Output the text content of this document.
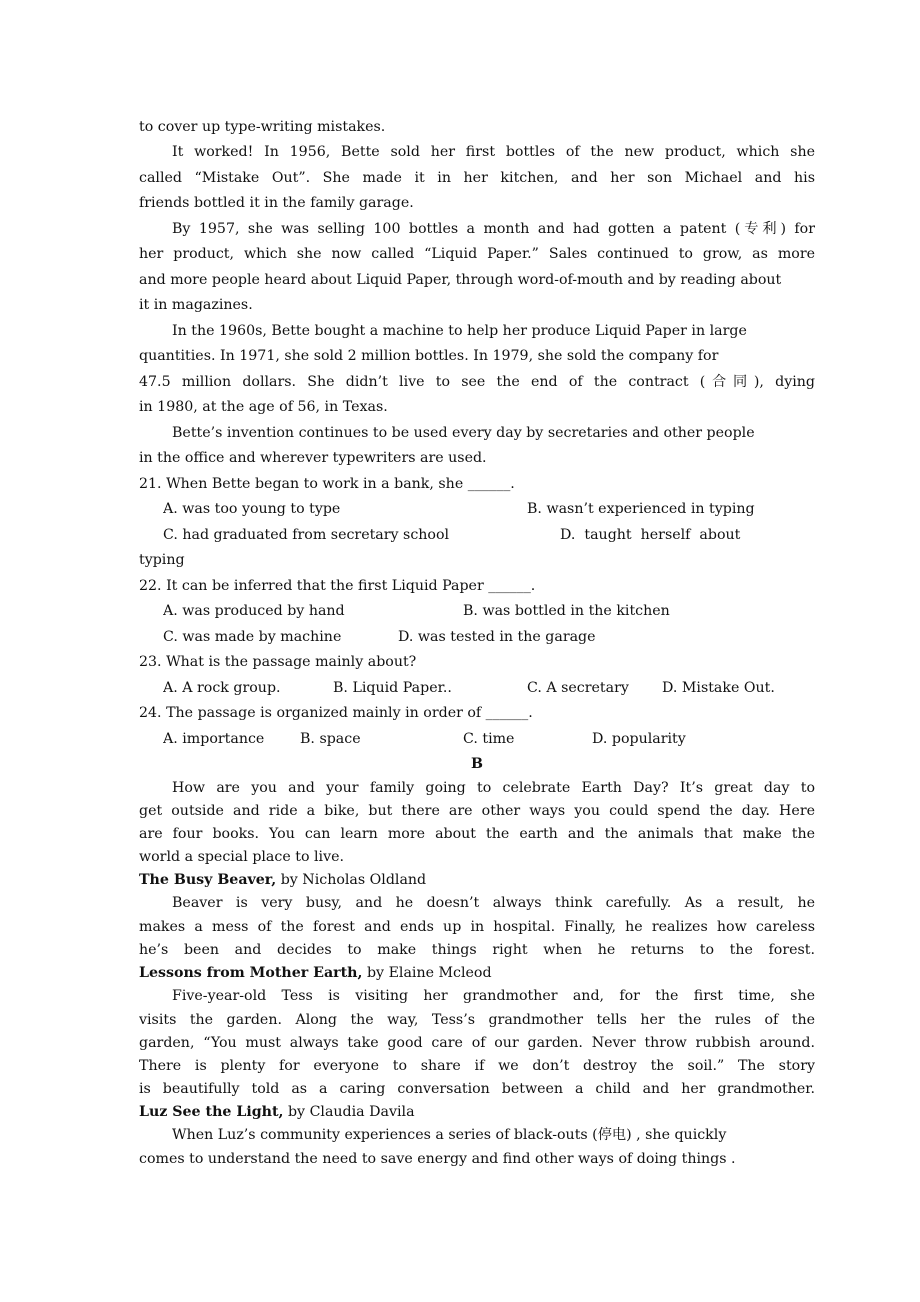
to cover up type-writing mistakes.
It worked! In 1956, Bette sold her first bottles of the new product, which she
called “Mistake Out”. She made it in her kitchen, and her son Michael and his
friends bottled it in the family garage.
By 1957, she was selling 100 bottles a month and had gotten a patent (专利) for
her product, which she now called “Liquid Paper.” Sales continued to grow, as more
and more people heard about Liquid Paper, through word-of-mouth and by reading about
it in magazines.
In the 1960s, Bette bought a machine to help her produce Liquid Paper in large
quantities. In 1971, she sold 2 million bottles. In 1979, she sold the company for
47.5 million dollars. She didn’t live to see the end of the contract (合同), dying
in 1980, at the age of 56, in Texas.
Bette’s invention continues to be used every day by secretaries and other people
in the office and wherever typewriters are used.
21. When Bette began to work in a bank, she ______.
A. was too young to type	B. wasn’t experienced in typing
C. had graduated from secretary school	D.  taught  herself  about
typing
22. It can be inferred that the first Liquid Paper ______.
A. was produced by hand	B. was bottled in the kitchen
C. was made by machine	D. was tested in the garage
23. What is the passage mainly about?
A. A rock group.	B. Liquid Paper..	C. A secretary	D. Mistake Out.
24. The passage is organized mainly in order of ______.
A. importance	B. space	C. time	D. popularity
B
How are you and your family going to celebrate Earth Day? It’s great day to
get outside and ride a bike, but there are other ways you could spend the day. Here
are four books. You can learn more about the earth and the animals that make the
world a special place to live.
The Busy Beaver, by Nicholas Oldland
Beaver is very busy, and he doesn’t always think carefully. As a result, he
makes a mess of the forest and ends up in hospital. Finally, he realizes how careless
he’s been and decides to make things right when he returns to the forest.
Lessons from Mother Earth, by Elaine Mcleod
Five-year-old Tess is visiting her grandmother and, for the first time, she
visits the garden. Along the way, Tess’s grandmother tells her the rules of the
garden, “You must always take good care of our garden. Never throw rubbish around.
There is plenty for everyone to share if we don’t destroy the soil.” The story
is beautifully told as a caring conversation between a child and her grandmother.
Luz See the Light, by Claudia Davila
When Luz’s community experiences a series of black-outs (停电) , she quickly
comes to understand the need to save energy and find other ways of doing things .
